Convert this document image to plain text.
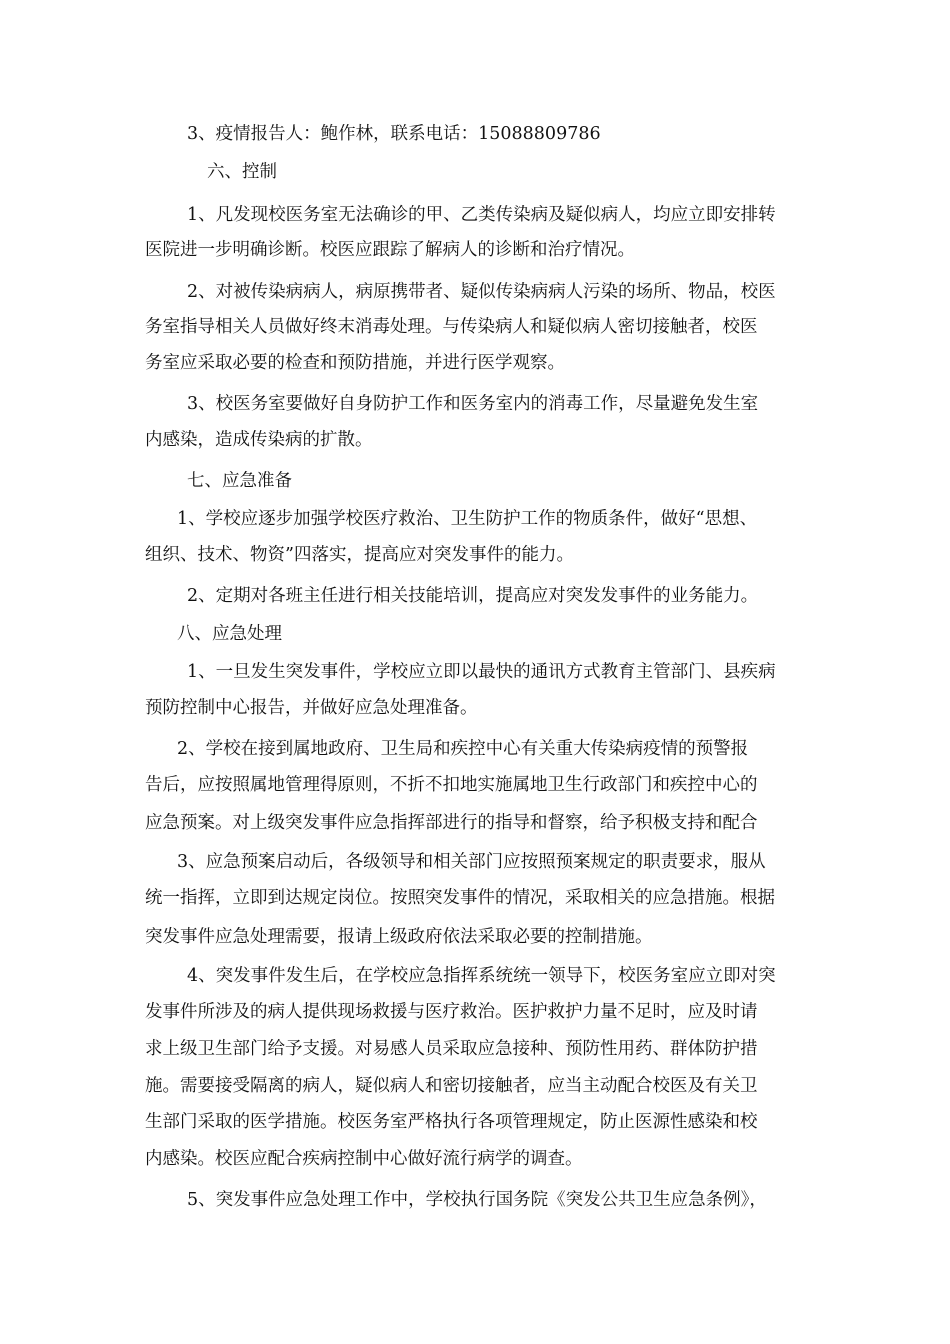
3、疫情报告人：鲍作林，联系电话：15088809786
六、控制
1、凡发现校医务室无法确诊的甲、乙类传染病及疑似病人，均应立即安排转
医院进一步明确诊断。校医应跟踪了解病人的诊断和治疗情况。
2、对被传染病病人，病原携带者、疑似传染病病人污染的场所、物品，校医
务室指导相关人员做好终末消毒处理。与传染病人和疑似病人密切接触者，校医
务室应采取必要的检查和预防措施，并进行医学观察。
3、校医务室要做好自身防护工作和医务室内的消毒工作，尽量避免发生室
内感染，造成传染病的扩散。
七、应急准备
1、学校应逐步加强学校医疗救治、卫生防护工作的物质条件，做好“思想、
组织、技术、物资”四落实，提高应对突发事件的能力。
2、定期对各班主任进行相关技能培训，提高应对突发发事件的业务能力。
八、应急处理
1、一旦发生突发事件，学校应立即以最快的通讯方式教育主管部门、县疾病
预防控制中心报告，并做好应急处理准备。
2、学校在接到属地政府、卫生局和疾控中心有关重大传染病疫情的预警报
告后，应按照属地管理得原则，不折不扣地实施属地卫生行政部门和疾控中心的
应急预案。对上级突发事件应急指挥部进行的指导和督察，给予积极支持和配合
3、应急预案启动后，各级领导和相关部门应按照预案规定的职责要求，服从
统一指挥，立即到达规定岗位。按照突发事件的情况，采取相关的应急措施。根据
突发事件应急处理需要，报请上级政府依法采取必要的控制措施。
4、突发事件发生后，在学校应急指挥系统统一领导下，校医务室应立即对突
发事件所涉及的病人提供现场救援与医疗救治。医护救护力量不足时，应及时请
求上级卫生部门给予支援。对易感人员采取应急接种、预防性用药、群体防护措
施。需要接受隔离的病人，疑似病人和密切接触者，应当主动配合校医及有关卫
生部门采取的医学措施。校医务室严格执行各项管理规定，防止医源性感染和校
内感染。校医应配合疾病控制中心做好流行病学的调查。
5、突发事件应急处理工作中，学校执行国务院《突发公共卫生应急条例》，
